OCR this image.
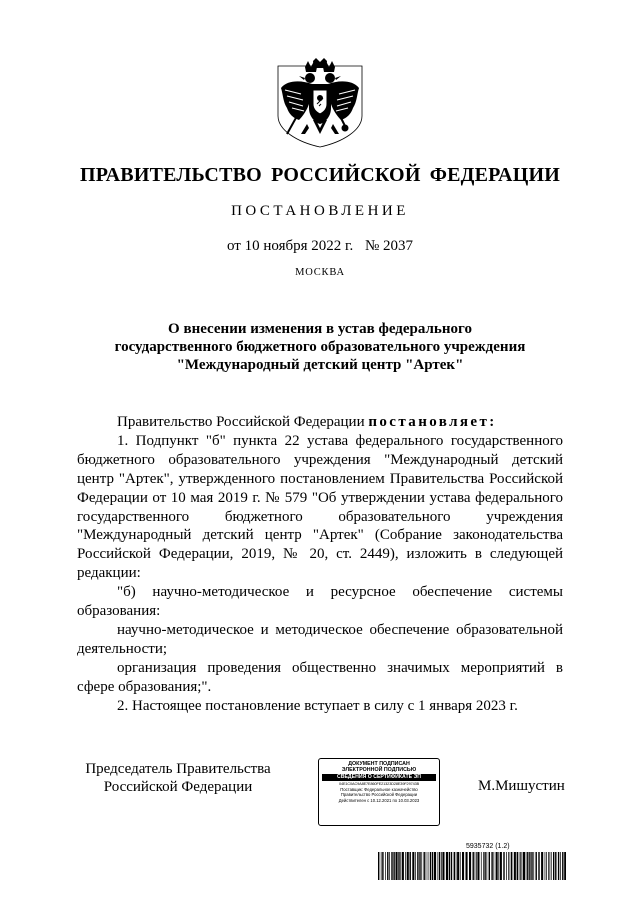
ПРАВИТЕЛЬСТВО РОССИЙСКОЙ ФЕДЕРАЦИИ
ПОСТАНОВЛЕНИЕ
от 10 ноября 2022 г. № 2037
МОСКВА
О внесении изменения в устав федерального
государственного бюджетного образовательного учреждения
"Международный детский центр "Артек"

Правительство Российской Федерации постановляет:

1. Подпункт "б" пункта 22 устава федерального государственного бюджетного образовательного учреждения "Международный детский центр "Артек", утвержденного постановлением Правительства Российской Федерации от 10 мая 2019 г. № 579 "Об утверждении устава федерального государственного бюджетного образовательного учреждения "Международный детский центр "Артек" (Собрание законодательства Российской Федерации, 2019, № 20, ст. 2449), изложить в следующей редакции:

"б) научно-методическое и ресурсное обеспечение системы образования:

научно-методическое и методическое обеспечение образовательной деятельности;

организация проведения общественно значимых мероприятий в сфере образования;".

2. Настоящее постановление вступает в силу с 1 января 2023 г.

Председатель Правительства
Российской Федерации
ДОКУМЕНТ ПОДПИСАН
ЭЛЕКТРОННОЙ ПОДПИСЬЮ
СВЕДЕНИЯ О СЕРТИФИКАТЕ ЭП
04E1C0AC9A8E7E860FE21323D28E39F29743B
Поставщик: Федеральное казначейство
Правительство Российской Федерации
Действителен с 10.12.2021 по 10.03.2023
М.Мишустин
5935732 (1.2)
